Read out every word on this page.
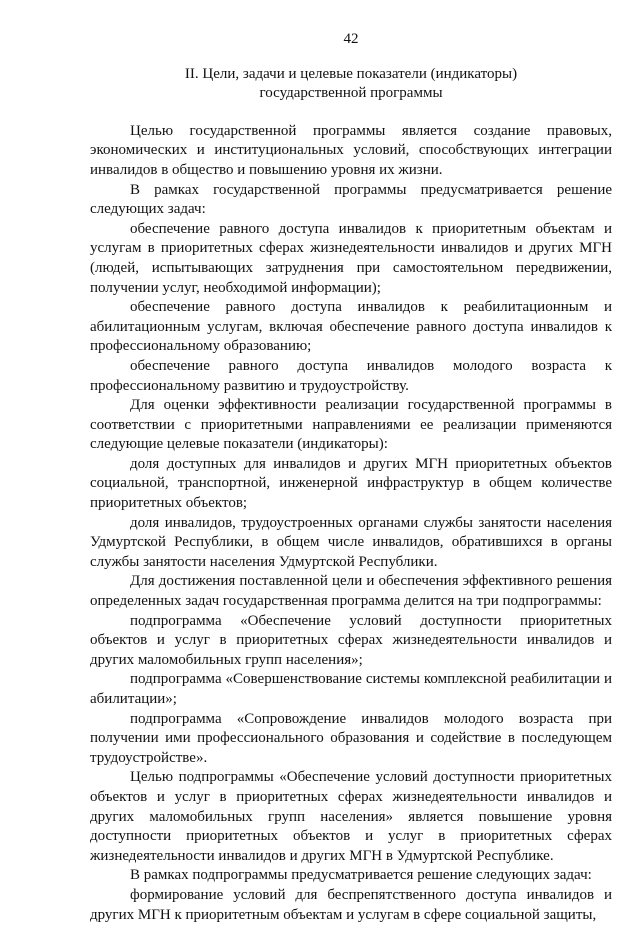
42
II. Цели, задачи и целевые показатели (индикаторы)
государственной программы

Целью государственной программы является создание правовых, экономических и институциональных условий, способствующих интеграции инвалидов в общество и повышению уровня их жизни.

В рамках государственной программы предусматривается решение следующих задач:

обеспечение равного доступа инвалидов к приоритетным объектам и услугам в приоритетных сферах жизнедеятельности инвалидов и других МГН (людей, испытывающих затруднения при самостоятельном передвижении, получении услуг, необходимой информации);

обеспечение равного доступа инвалидов к реабилитационным и абилитационным услугам, включая обеспечение равного доступа инвалидов к профессиональному образованию;

обеспечение равного доступа инвалидов молодого возраста к профессиональному развитию и трудоустройству.

Для оценки эффективности реализации государственной программы в соответствии с приоритетными направлениями ее реализации применяются следующие целевые показатели (индикаторы):

доля доступных для инвалидов и других МГН приоритетных объектов социальной, транспортной, инженерной инфраструктур в общем количестве приоритетных объектов;

доля инвалидов, трудоустроенных органами службы занятости населения Удмуртской Республики, в общем числе инвалидов, обратившихся в органы службы занятости населения Удмуртской Республики.

Для достижения поставленной цели и обеспечения эффективного решения определенных задач государственная программа делится на три подпрограммы:

подпрограмма «Обеспечение условий доступности приоритетных объектов и услуг в приоритетных сферах жизнедеятельности инвалидов и других маломобильных групп населения»;

подпрограмма «Совершенствование системы комплексной реабилитации и абилитации»;

подпрограмма «Сопровождение инвалидов молодого возраста при получении ими профессионального образования и содействие в последующем трудоустройстве».

Целью подпрограммы «Обеспечение условий доступности приоритетных объектов и услуг в приоритетных сферах жизнедеятельности инвалидов и других маломобильных групп населения» является повышение уровня доступности приоритетных объектов и услуг в приоритетных сферах жизнедеятельности инвалидов и других МГН в Удмуртской Республике.

В рамках подпрограммы предусматривается решение следующих задач:

формирование условий для беспрепятственного доступа инвалидов и других МГН к приоритетным объектам и услугам в сфере социальной защиты,
